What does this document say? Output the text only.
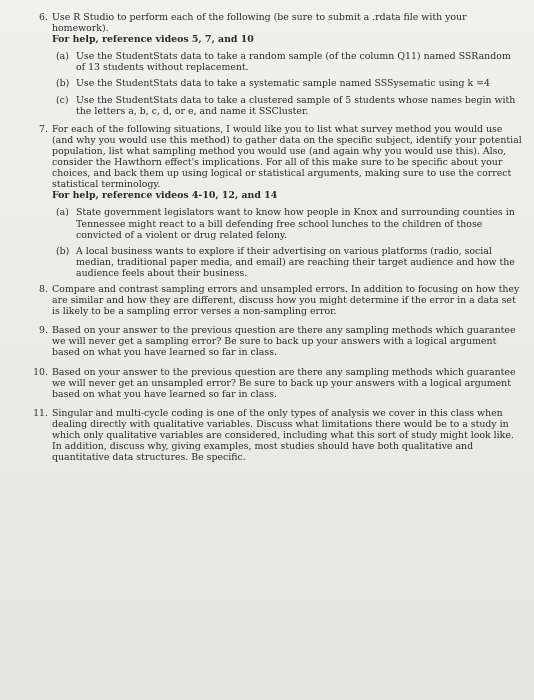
6. Use R Studio to perform each of the following (be sure to submit a .rdata file with your homework).

For help, reference videos 5, 7, and 10

(a) Use the StudentStats data to take a random sample (of the column Q11) named SSRandom of 13 students without replacement.
(b) Use the StudentStats data to take a systematic sample named SSSysematic using k =4
(c) Use the StudentStats data to take a clustered sample of 5 students whose names begin with the letters a, b, c, d, or e, and name it SSCluster.
7. For each of the following situations, I would like you to list what survey method you would use (and why you would use this method) to gather data on the specific subject, identify your potential population, list what sampling method you would use (and again why you would use this). Also, consider the Hawthorn effect's implications. For all of this make sure to be specific about your choices, and back them up using logical or statistical arguments, making sure to use the correct statistical terminology.

For help, reference videos 4-10, 12, and 14

(a) State government legislators want to know how people in Knox and surrounding counties in Tennessee might react to a bill defending free school lunches to the children of those convicted of a violent or drug related felony.
(b) A local business wants to explore if their advertising on various platforms (radio, social median, traditional paper media, and email) are reaching their target audience and how the audience feels about their business.
8. Compare and contrast sampling errors and unsampled errors. In addition to focusing on how they are similar and how they are different, discuss how you might determine if the error in a data set is likely to be a sampling error verses a non-sampling error.

9. Based on your answer to the previous question are there any sampling methods which guarantee we will never get a sampling error? Be sure to back up your answers with a logical argument based on what you have learned so far in class.

10. Based on your answer to the previous question are there any sampling methods which guarantee we will never get an unsampled error? Be sure to back up your answers with a logical argument based on what you have learned so far in class.

11. Singular and multi-cycle coding is one of the only types of analysis we cover in this class when dealing directly with qualitative variables. Discuss what limitations there would be to a study in which only qualitative variables are considered, including what this sort of study might look like. In addition, discuss why, giving examples, most studies should have both qualitative and quantitative data structures. Be specific.
